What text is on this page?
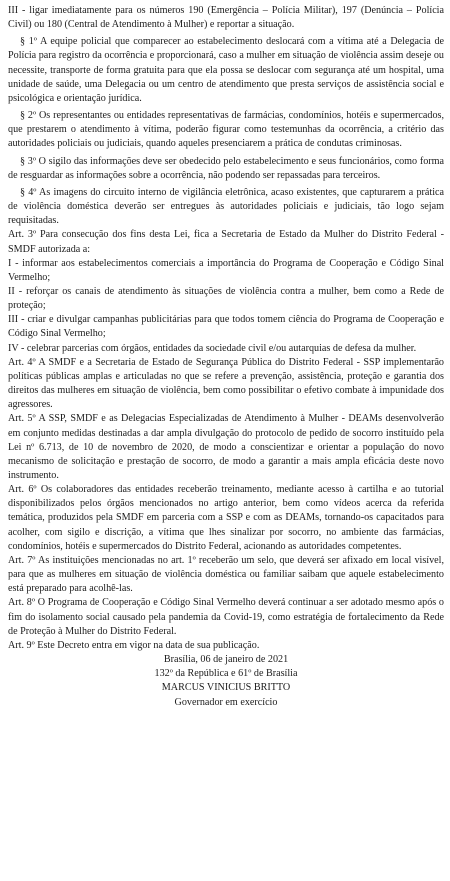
III - ligar imediatamente para os números 190 (Emergência – Polícia Militar), 197 (Denúncia – Polícia Civil) ou 180 (Central de Atendimento à Mulher) e reportar a situação.

§ 1º A equipe policial que comparecer ao estabelecimento deslocará com a vítima até a Delegacia de Polícia para registro da ocorrência e proporcionará, caso a mulher em situação de violência assim deseje ou necessite, transporte de forma gratuita para que ela possa se deslocar com segurança até um hospital, uma unidade de saúde, uma Delegacia ou um centro de atendimento que presta serviços de assistência social e psicológica e orientação jurídica.

§ 2º Os representantes ou entidades representativas de farmácias, condomínios, hotéis e supermercados, que prestarem o atendimento à vítima, poderão figurar como testemunhas da ocorrência, a critério das autoridades policiais ou judiciais, quando aqueles presenciarem a prática de condutas criminosas.

§ 3º O sigilo das informações deve ser obedecido pelo estabelecimento e seus funcionários, como forma de resguardar as informações sobre a ocorrência, não podendo ser repassadas para terceiros.

§ 4º As imagens do circuito interno de vigilância eletrônica, acaso existentes, que capturarem a prática de violência doméstica deverão ser entregues às autoridades policiais e judiciais, tão logo sejam requisitadas.

Art. 3º Para consecução dos fins desta Lei, fica a Secretaria de Estado da Mulher do Distrito Federal - SMDF autorizada a:

I - informar aos estabelecimentos comerciais a importância do Programa de Cooperação e Código Sinal Vermelho;

II - reforçar os canais de atendimento às situações de violência contra a mulher, bem como a Rede de proteção;

III - criar e divulgar campanhas publicitárias para que todos tomem ciência do Programa de Cooperação e Código Sinal Vermelho;

IV - celebrar parcerias com órgãos, entidades da sociedade civil e/ou autarquias de defesa da mulher.

Art. 4º A SMDF e a Secretaria de Estado de Segurança Pública do Distrito Federal - SSP implementarão políticas públicas amplas e articuladas no que se refere a prevenção, assistência, proteção e garantia dos direitos das mulheres em situação de violência, bem como possibilitar o efetivo combate à impunidade dos agressores.

Art. 5º A SSP, SMDF e as Delegacias Especializadas de Atendimento à Mulher - DEAMs desenvolverão em conjunto medidas destinadas a dar ampla divulgação do protocolo de pedido de socorro instituído pela Lei nº 6.713, de 10 de novembro de 2020, de modo a conscientizar e orientar a população do novo mecanismo de solicitação e prestação de socorro, de modo a garantir a mais ampla eficácia deste novo instrumento.

Art. 6º Os colaboradores das entidades receberão treinamento, mediante acesso à cartilha e ao tutorial disponibilizados pelos órgãos mencionados no artigo anterior, bem como vídeos acerca da referida temática, produzidos pela SMDF em parceria com a SSP e com as DEAMs, tornando-os capacitados para acolher, com sigilo e discrição, a vítima que lhes sinalizar por socorro, no ambiente das farmácias, condomínios, hotéis e supermercados do Distrito Federal, acionando as autoridades competentes.

Art. 7º As instituições mencionadas no art. 1º receberão um selo, que deverá ser afixado em local visível, para que as mulheres em situação de violência doméstica ou familiar saibam que aquele estabelecimento está preparado para acolhê-las.

Art. 8º O Programa de Cooperação e Código Sinal Vermelho deverá continuar a ser adotado mesmo após o fim do isolamento social causado pela pandemia da Covid-19, como estratégia de fortalecimento da Rede de Proteção à Mulher do Distrito Federal.

Art. 9º Este Decreto entra em vigor na data de sua publicação.

Brasília, 06 de janeiro de 2021

132º da República e 61º de Brasília

MARCUS VINICIUS BRITTO

Governador em exercício
